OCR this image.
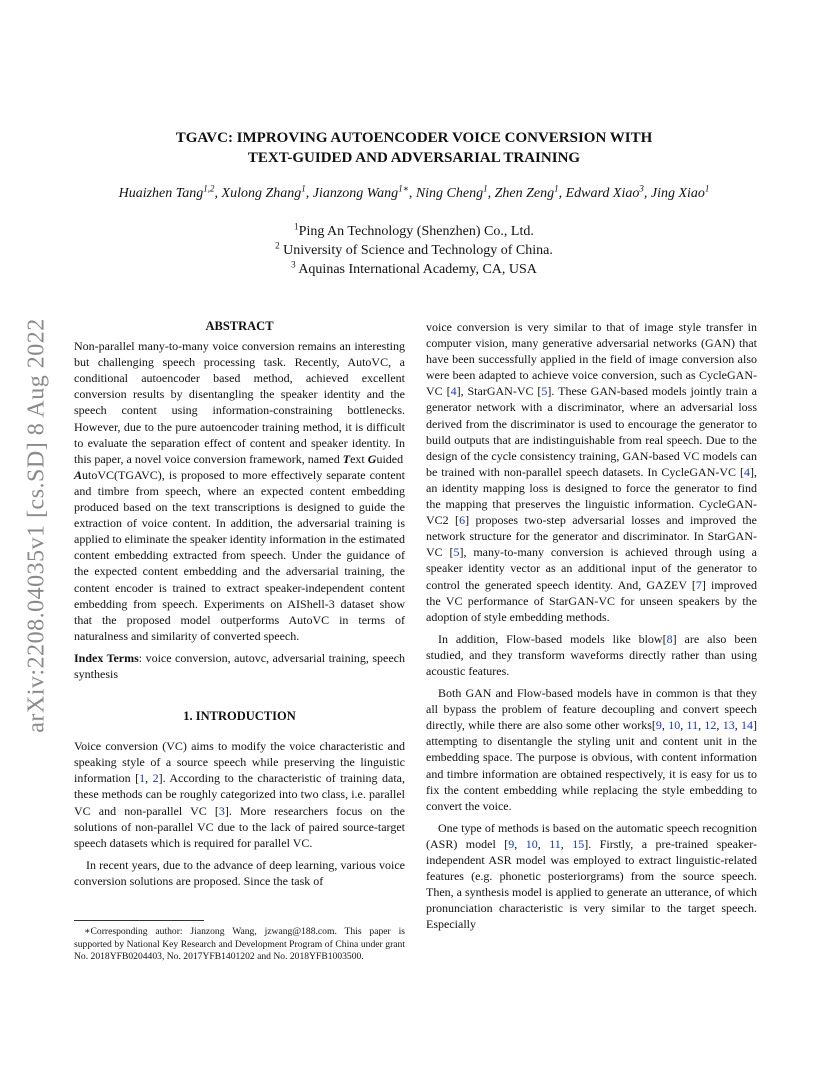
arXiv:2208.04035v1 [cs.SD] 8 Aug 2022
TGAVC: IMPROVING AUTOENCODER VOICE CONVERSION WITH
TEXT-GUIDED AND ADVERSARIAL TRAINING
Huaizhen Tang$^{1,2}$, Xulong Zhang$^1$, Jianzong Wang$^{1∗}$, Ning Cheng$^1$, Zhen Zeng$^1$, Edward Xiao$^3$, Jing Xiao$^1$
$^1$Ping An Technology (Shenzhen) Co., Ltd.
$^2$ University of Science and Technology of China.
$^3$ Aquinas International Academy, CA, USA
ABSTRACT

Non-parallel many-to-many voice conversion remains an interesting but challenging speech processing task. Recently, AutoVC, a conditional autoencoder based method, achieved excellent conversion results by disentangling the speaker identity and the speech content using information-constraining bottlenecks. However, due to the pure autoencoder training method, it is difficult to evaluate the separation effect of content and speaker identity. In this paper, a novel voice conversion framework, named Text Guided
AutoVC(TGAVC), is proposed to more effectively separate content and timbre from speech, where an expected content embedding produced based on the text transcriptions is designed to guide the extraction of voice content. In addition, the adversarial training is applied to eliminate the speaker identity information in the estimated content embedding extracted from speech. Under the guidance of the expected content embedding and the adversarial training, the content encoder is trained to extract speaker-independent content embedding from speech. Experiments on AIShell-3 dataset show that the proposed model outperforms AutoVC in terms of naturalness and similarity of converted speech.

Index Terms: voice conversion, autovc, adversarial training, speech synthesis

1. INTRODUCTION

Voice conversion (VC) aims to modify the voice characteristic and speaking style of a source speech while preserving the linguistic information [1, 2]. According to the characteristic of training data, these methods can be roughly categorized into two class, i.e. parallel VC and non-parallel VC [3]. More researchers focus on the solutions of non-parallel VC due to the lack of paired source-target speech datasets which is required for parallel VC.

In recent years, due to the advance of deep learning, various voice conversion solutions are proposed. Since the task of

∗Corresponding author: Jianzong Wang, jzwang@188.com. This paper is supported by National Key Research and Development Program of China under grant No. 2018YFB0204403, No. 2017YFB1401202 and No. 2018YFB1003500.

voice conversion is very similar to that of image style transfer in computer vision, many generative adversarial networks (GAN) that have been successfully applied in the field of image conversion also were been adapted to achieve voice conversion, such as CycleGAN-VC [4], StarGAN-VC [5]. These GAN-based models jointly train a generator network with a discriminator, where an adversarial loss derived from the discriminator is used to encourage the generator to build outputs that are indistinguishable from real speech. Due to the design of the cycle consistency training, GAN-based VC models can be trained with non-parallel speech datasets. In CycleGAN-VC [4], an identity mapping loss is designed to force the generator to find the mapping that preserves the linguistic information. CycleGAN-VC2 [6] proposes two-step adversarial losses and improved the network structure for the generator and discriminator. In StarGAN-VC [5], many-to-many conversion is achieved through using a speaker identity vector as an additional input of the generator to control the generated speech identity. And, GAZEV [7] improved the VC performance of StarGAN-VC for unseen speakers by the adoption of style embedding methods.

In addition, Flow-based models like blow[8] are also been studied, and they transform waveforms directly rather than using acoustic features.

Both GAN and Flow-based models have in common is that they all bypass the problem of feature decoupling and convert speech directly, while there are also some other works[9, 10, 11, 12, 13, 14] attempting to disentangle the styling unit and content unit in the embedding space. The purpose is obvious, with content information and timbre information are obtained respectively, it is easy for us to fix the content embedding while replacing the style embedding to convert the voice.

One type of methods is based on the automatic speech recognition (ASR) model [9, 10, 11, 15]. Firstly, a pre-trained speaker-independent ASR model was employed to extract linguistic-related features (e.g. phonetic posteriorgrams) from the source speech. Then, a synthesis model is applied to generate an utterance, of which pronunciation characteristic is very similar to the target speech. Especially
